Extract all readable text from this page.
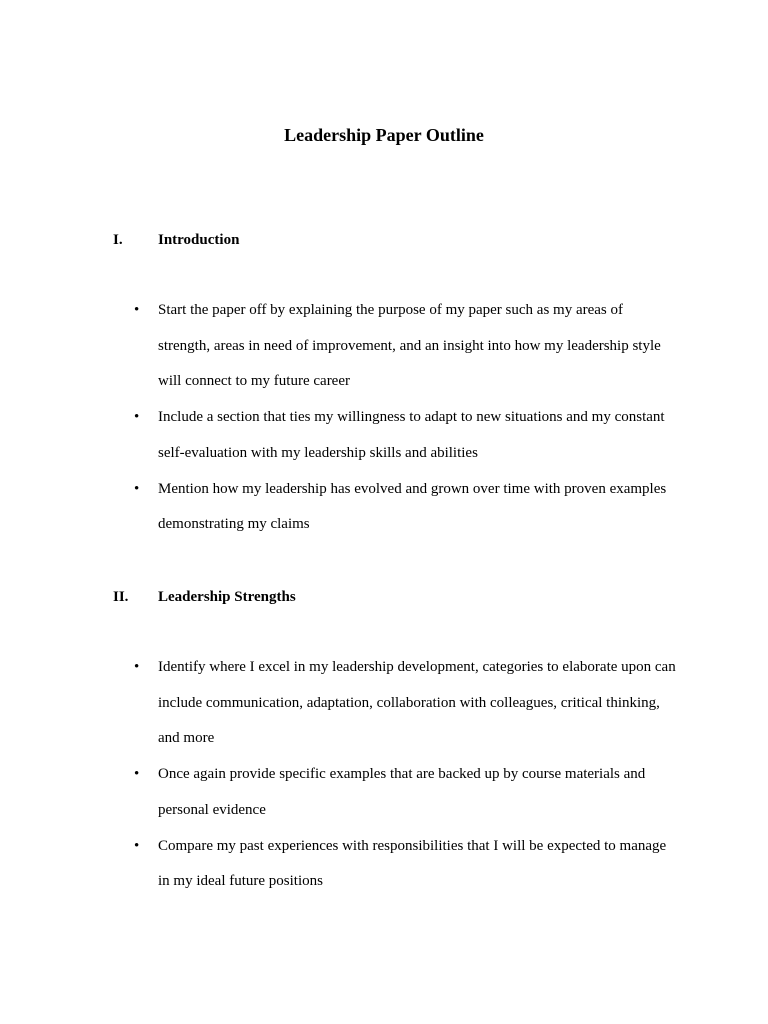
Leadership Paper Outline
I. Introduction
• Start the paper off by explaining the purpose of my paper such as my areas of strength, areas in need of improvement, and an insight into how my leadership style will connect to my future career
• Include a section that ties my willingness to adapt to new situations and my constant self-evaluation with my leadership skills and abilities
• Mention how my leadership has evolved and grown over time with proven examples demonstrating my claims
II. Leadership Strengths
• Identify where I excel in my leadership development, categories to elaborate upon can include communication, adaptation, collaboration with colleagues, critical thinking, and more
• Once again provide specific examples that are backed up by course materials and personal evidence
• Compare my past experiences with responsibilities that I will be expected to manage in my ideal future positions
